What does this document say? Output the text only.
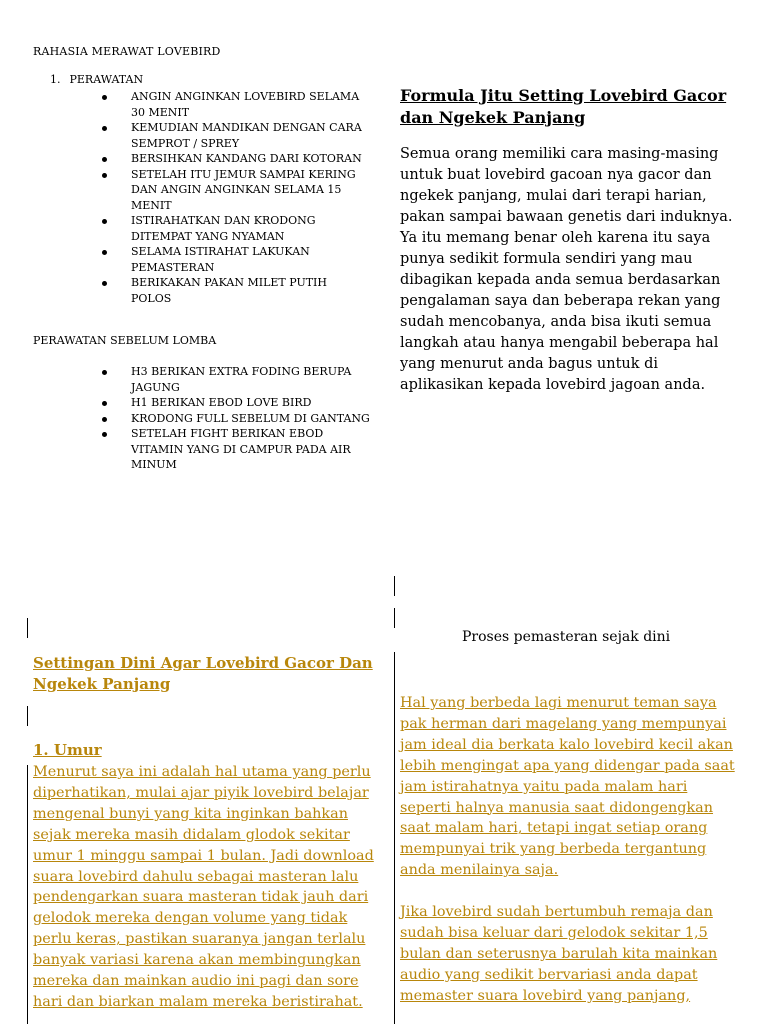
RAHASIA MERAWAT LOVEBIRD
1. PERAWATAN
ANGIN ANGINKAN LOVEBIRD SELAMA 30 MENIT
KEMUDIAN MANDIKAN DENGAN CARA SEMPROT / SPREY
BERSIHKAN KANDANG DARI KOTORAN
SETELAH ITU JEMUR SAMPAI KERING DAN ANGIN ANGINKAN SELAMA 15 MENIT
ISTIRAHATKAN DAN KRODONG DITEMPAT YANG NYAMAN
SELAMA ISTIRAHAT LAKUKAN PEMASTERAN
BERIKAKAN PAKAN MILET PUTIH POLOS
PERAWATAN SEBELUM LOMBA
H3 BERIKAN EXTRA FODING BERUPA JAGUNG
H1 BERIKAN EBOD LOVE BIRD
KRODONG FULL SEBELUM DI GANTANG
SETELAH FIGHT BERIKAN EBOD VITAMIN YANG DI CAMPUR PADA AIR MINUM
Formula Jitu Setting Lovebird Gacor dan Ngekek Panjang
Semua orang memiliki cara masing-masing untuk buat lovebird gacoan nya gacor dan ngekek panjang, mulai dari terapi harian, pakan sampai bawaan genetis dari induknya. Ya itu memang benar oleh karena itu saya punya sedikit formula sendiri yang mau dibagikan kepada anda semua berdasarkan pengalaman saya dan beberapa rekan yang sudah mencobanya, anda bisa ikuti semua langkah atau hanya mengabil beberapa hal yang menurut anda bagus untuk di aplikasikan kepada lovebird jagoan anda.
Proses pemasteran sejak dini
Settingan Dini Agar Lovebird Gacor Dan Ngekek Panjang
1. Umur
Menurut saya ini adalah hal utama yang perlu diperhatikan, mulai ajar piyik lovebird belajar mengenal bunyi yang kita inginkan bahkan sejak mereka masih didalam glodok sekitar umur 1 minggu sampai 1 bulan. Jadi download suara lovebird dahulu sebagai masteran lalu pendengarkan suara masteran tidak jauh dari gelodok mereka dengan volume yang tidak perlu keras, pastikan suaranya jangan terlalu banyak variasi karena akan membingungkan mereka dan mainkan audio ini pagi dan sore hari dan biarkan malam mereka beristirahat.
Hal yang berbeda lagi menurut teman saya pak herman dari magelang yang mempunyai jam ideal dia berkata kalo lovebird kecil akan lebih mengingat apa yang didengar pada saat jam istirahatnya yaitu pada malam hari seperti halnya manusia saat didongengkan saat malam hari, tetapi ingat setiap orang mempunyai trik yang berbeda tergantung anda menilainya saja.
Jika lovebird sudah bertumbuh remaja dan sudah bisa keluar dari gelodok sekitar 1,5 bulan dan seterusnya barulah kita mainkan audio yang sedikit bervariasi anda dapat memaster suara lovebird yang panjang,
